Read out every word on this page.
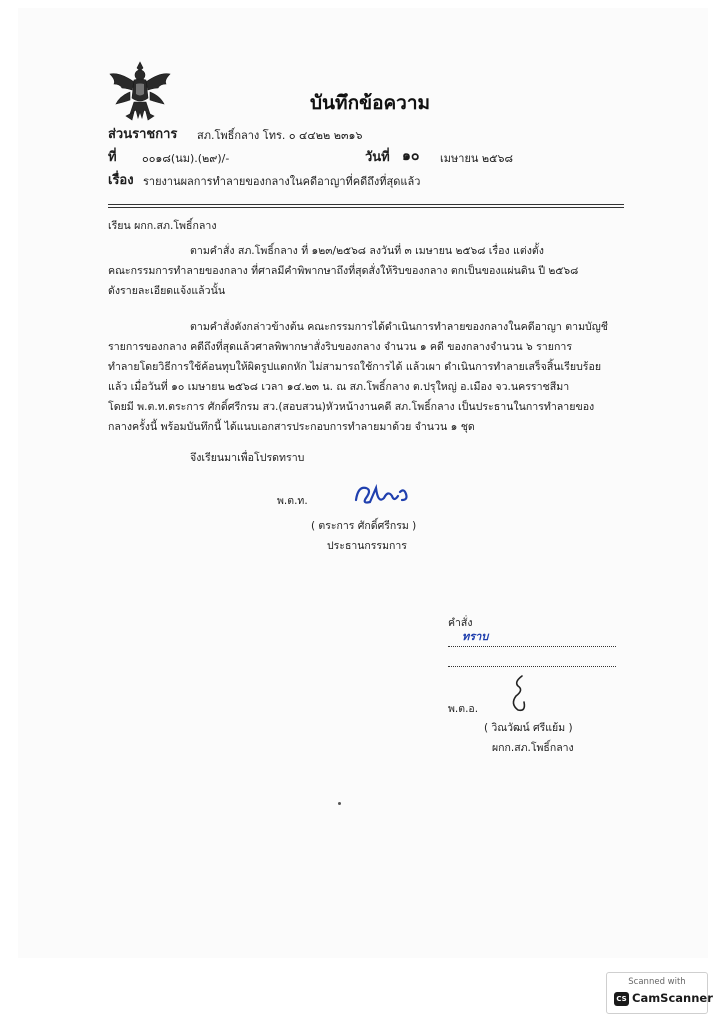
บันทึกข้อความ
ส่วนราชการ สภ.โพธิ์กลาง โทร. ๐ ๔๔๒๒ ๒๓๑๖
ที่ ๐๐๑๘(นม).(๒๙)/-	วันที่ ๑๐ เมษายน ๒๕๖๘
เรื่อง รายงานผลการทำลายของกลางในคดีอาญาที่คดีถึงที่สุดแล้ว
เรียน ผกก.สภ.โพธิ์กลาง
ตามคำสั่ง สภ.โพธิ์กลาง ที่ ๑๒๓/๒๕๖๘ ลงวันที่ ๓ เมษายน ๒๕๖๘ เรื่อง แต่งตั้ง
คณะกรรมการทำลายของกลาง ที่ศาลมีคำพิพากษาถึงที่สุดสั่งให้ริบของกลาง ตกเป็นของแผ่นดิน ปี ๒๕๖๘
ดังรายละเอียดแจ้งแล้วนั้น
ตามคำสั่งดังกล่าวข้างต้น คณะกรรมการได้ดำเนินการทำลายของกลางในคดีอาญา ตามบัญชี
รายการของกลาง คดีถึงที่สุดแล้วศาลพิพากษาสั่งริบของกลาง จำนวน ๑ คดี ของกลางจำนวน ๖ รายการ
ทำลายโดยวิธีการใช้ค้อนทุบให้ผิดรูปแตกหัก ไม่สามารถใช้การได้ แล้วเผา ดำเนินการทำลายเสร็จสิ้นเรียบร้อย
แล้ว เมื่อวันที่ ๑๐ เมษายน ๒๕๖๘ เวลา ๑๔.๒๓ น. ณ สภ.โพธิ์กลาง ต.ปรุใหญ่ อ.เมือง จว.นครราชสีมา
โดยมี พ.ต.ท.ตระการ ศักดิ์ศรีกรม สว.(สอบสวน)หัวหน้างานคดี สภ.โพธิ์กลาง เป็นประธานในการทำลายของ
กลางครั้งนี้ พร้อมบันทึกนี้ ได้แนบเอกสารประกอบการทำลายมาด้วย จำนวน ๑ ชุด
จึงเรียนมาเพื่อโปรดทราบ
พ.ต.ท.
( ตระการ ศักดิ์ศรีกรม )
ประธานกรรมการ
คำสั่ง
ทราบ
พ.ต.อ.
( วิณวัฒน์ ศรีแย้ม )
ผกก.สภ.โพธิ์กลาง
Scanned with
CS CamScanner
